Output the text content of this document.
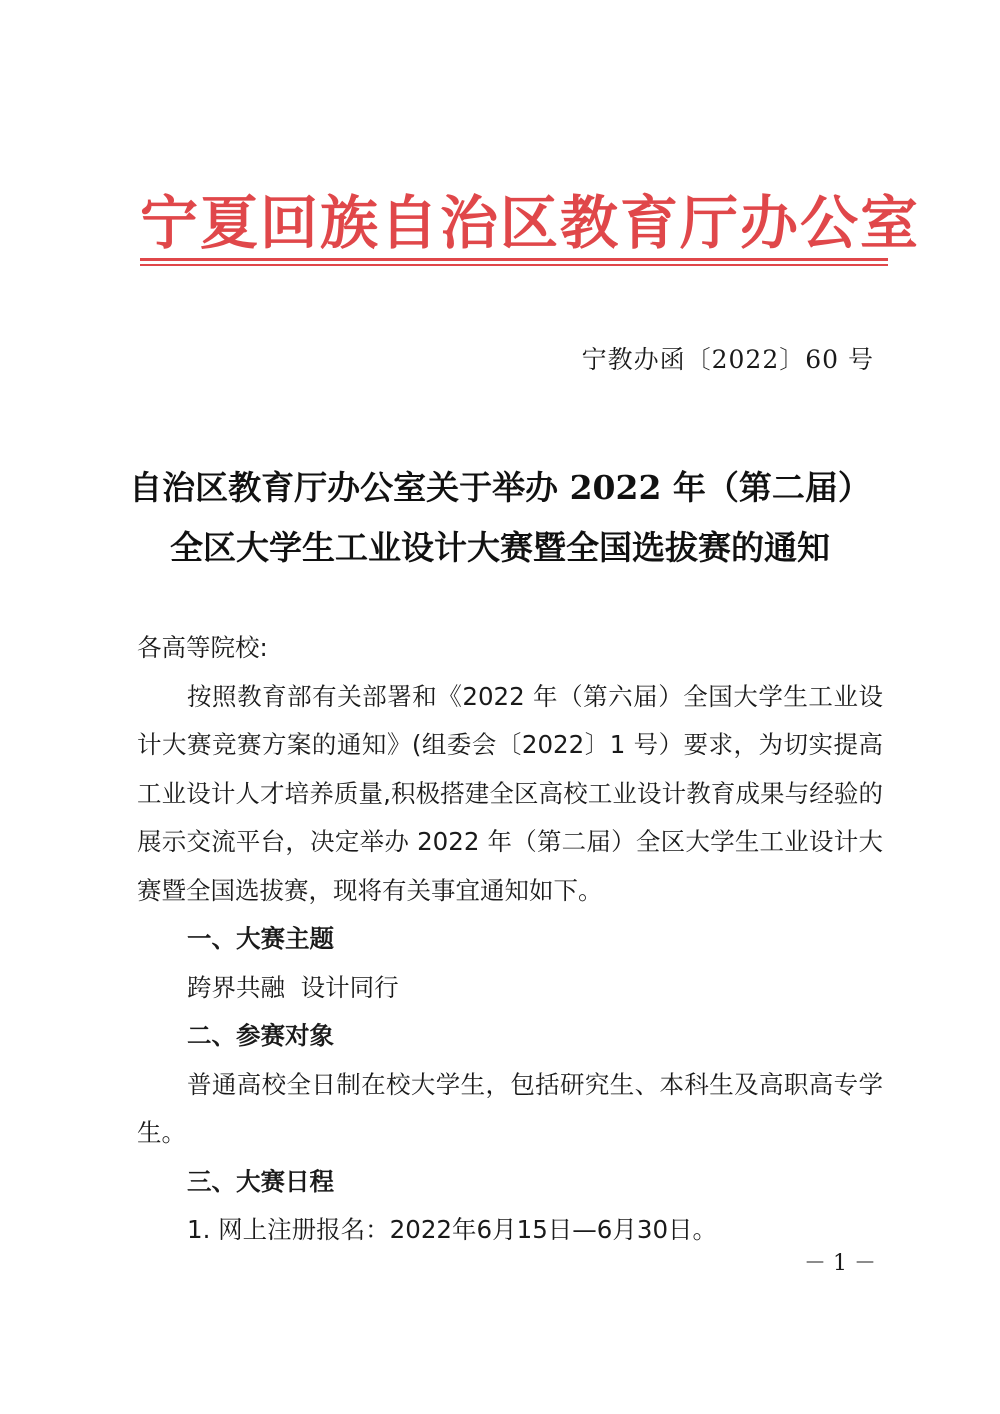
宁夏回族自治区教育厅办公室
宁教办函〔2022〕60 号
自治区教育厅办公室关于举办 2022 年（第二届）
全区大学生工业设计大赛暨全国选拔赛的通知

各高等院校:

按照教育部有关部署和《2022 年（第六届）全国大学生工业设计大赛竞赛方案的通知》(组委会〔2022〕1 号）要求，为切实提高工业设计人才培养质量,积极搭建全区高校工业设计教育成果与经验的展示交流平台，决定举办 2022 年（第二届）全区大学生工业设计大赛暨全国选拔赛，现将有关事宜通知如下。

一、大赛主题

跨界共融  设计同行

二、参赛对象

普通高校全日制在校大学生，包括研究生、本科生及高职高专学生。

三、大赛日程

1. 网上注册报名：2022年6月15日—6月30日。

－ 1 －
